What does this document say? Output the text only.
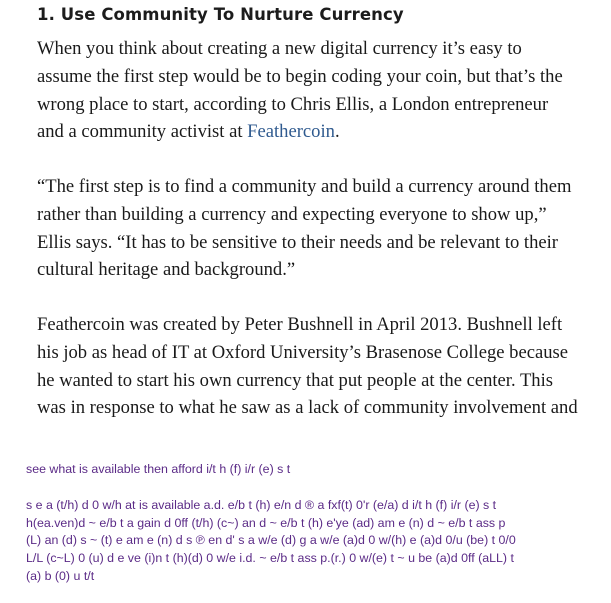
1. Use Community To Nurture Currency

When you think about creating a new digital currency it’s easy to
assume the first step would be to begin coding your coin, but that’s the
wrong place to start, according to Chris Ellis, a London entrepreneur
and a community activist at Feathercoin.

“The first step is to find a community and build a currency around them
rather than building a currency and expecting everyone to show up,”
Ellis says. “It has to be sensitive to their needs and be relevant to their
cultural heritage and background.”

Feathercoin was created by Peter Bushnell in April 2013. Bushnell left
his job as head of IT at Oxford University’s Brasenose College because
he wanted to start his own currency that put people at the center. This
was in response to what he saw as a lack of community involvement and

see what is available then afford i/t h (f) i/r (e) s t
s e a (t/h) d 0 w/h at is available a.d. e/b t (h) e/n d ® a fxf(t) 0'r (e/a) d i/t h (f) i/r (e) s t
h(ea.ven)d ~ e/b t a gain d 0ff (t/h) (c~) an d ~ e/b t (h) e'ye (ad) am e (n) d ~ e/b t ass p
(L) an (d) s ~ (t) e am e (n) d s ℗ en d' s a w/e (d) g a w/e (a)d 0 w/(h) e (a)d 0/u (be) t 0/0
L/L (c~L) 0 (u) d e ve (i)n t (h)(d) 0 w/e i.d. ~ e/b t ass p.(r.) 0 w/(e) t ~ u be (a)d 0ff (aLL) t
(a) b (0) u t/t
